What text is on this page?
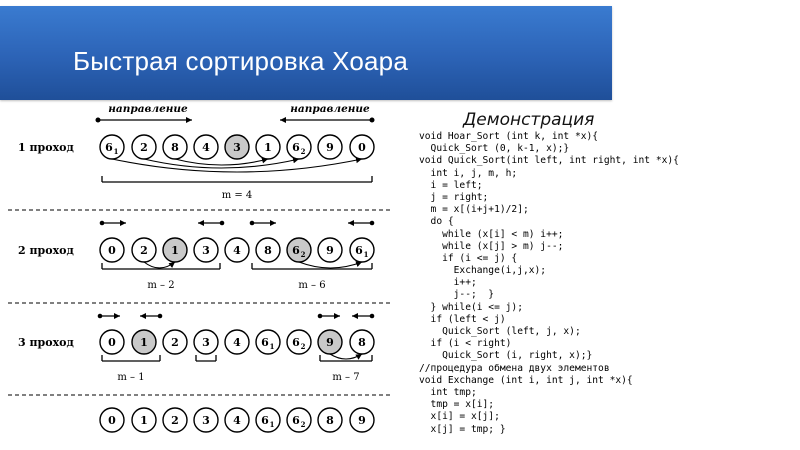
Быстрая сортировка Хоара
направление	направление
1 проход	6 1 2 8 4 3 1 6 2 9 0
m = 4
2 проход	0 2 1 3 4 8 6 2 9 6 1
m – 2	m – 6
3 проход	0 1 2 3 4 6 1 6 2 9 8
m – 1	m – 7
0 1 2 3 4 6 1 6 2 8 9
Демонстрация
void Hoar_Sort (int k, int *x){
Quick_Sort (0, k-1, x);}
void Quick_Sort(int left, int right, int *x){
int i, j, m, h;
i = left;
j = right;
m = x[(i+j+1)/2];
do {
while (x[i] < m) i++;
while (x[j] > m) j--;
if (i <= j) {
Exchange(i,j,x);
i++;
j--;  }
} while(i <= j);
if (left < j)
Quick_Sort (left, j, x);
if (i < right)
Quick_Sort (i, right, x);}
//процедура обмена двух элементов
void Exchange (int i, int j, int *x){
int tmp;
tmp = x[i];
x[i] = x[j];
x[j] = tmp; }
